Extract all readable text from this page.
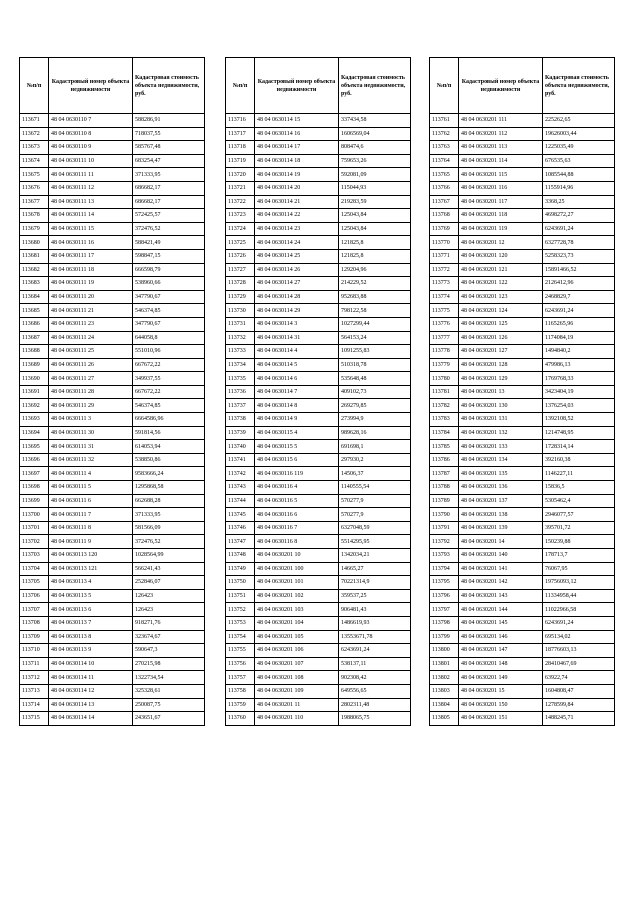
№п/п	Кадастровый номер объекта недвижимости	Кадастровая стоимость объекта недвижимости, руб.
113671	48 04 0630110 7	588286,91
113672	48 04 0630110 8	718037,55
113673	48 04 0630110 9	585767,48
113674	48 04 0630111 10	683254,47
113675	48 04 0630111 11	371333,95
113676	48 04 0630111 12	686682,17
113677	48 04 0630111 13	686682,17
113678	48 04 0630111 14	572425,57
113679	48 04 0630111 15	372476,52
113680	48 04 0630111 16	588421,49
113681	48 04 0630111 17	598847,15
113682	48 04 0630111 18	666598,79
113683	48 04 0630111 19	538960,66
113684	48 04 0630111 20	347790,67
113685	48 04 0630111 21	546374,85
113686	48 04 0630111 23	347790,67
113687	48 04 0630111 24	644058,8
113688	48 04 0630111 25	551010,96
113689	48 04 0630111 26	667672,22
113690	48 04 0630111 27	349937,55
113691	48 04 0630111 28	667672,22
113692	48 04 0630111 29	546374,85
113693	48 04 0630111 3	6664586,96
113694	48 04 0630111 30	591814,56
113695	48 04 0630111 31	614053,94
113696	48 04 0630111 32	538850,86
113697	48 04 0630111 4	9583666,24
113698	48 04 0630111 5	1295868,58
113699	48 04 0630111 6	662688,28
113700	48 04 0630111 7	371333,95
113701	48 04 0630111 8	581566,09
113702	48 04 0630111 9	372476,52
113703	48 04 0630113 120	1028564,99
113704	48 04 0630113 121	566241,43
113705	48 04 0630113 4	252846,07
113706	48 04 0630113 5	126423
113707	48 04 0630113 6	126423
113708	48 04 0630113 7	918271,76
113709	48 04 0630113 8	323674,67
113710	48 04 0630113 9	590647,3
113711	48 04 0630114 10	270215,98
113712	48 04 0630114 11	1322734,54
113713	48 04 0630114 12	325328,61
113714	48 04 0630114 13	250087,75
113715	48 04 0630114 14	243651,67
№п/п	Кадастровый номер объекта недвижимости	Кадастровая стоимость объекта недвижимости, руб.
113716	48 04 0630114 15	337434,58
113717	48 04 0630114 16	1606569,04
113718	48 04 0630114 17	808474,6
113719	48 04 0630114 18	759653,26
113720	48 04 0630114 19	592081,09
113721	48 04 0630114 20	115044,93
113722	48 04 0630114 21	219283,59
113723	48 04 0630114 22	125043,84
113724	48 04 0630114 23	125043,84
113725	48 04 0630114 24	121825,8
113726	48 04 0630114 25	121825,8
113727	48 04 0630114 26	129204,96
113728	48 04 0630114 27	214229,52
113729	48 04 0630114 28	952683,88
113730	48 04 0630114 29	798122,58
113731	48 04 0630114 3	1027299,44
113732	48 04 0630114 31	564153,24
113733	48 04 0630114 4	1091255,83
113734	48 04 0630114 5	510318,78
113735	48 04 0630114 6	535648,48
113736	48 04 0630114 7	409102,73
113737	48 04 0630114 8	269279,85
113738	48 04 0630114 9	273994,9
113739	48 04 0630115 4	989628,16
113740	48 04 0630115 5	691698,1
113741	48 04 0630115 6	297930,2
113742	48 04 0630116 119	14506,37
113743	48 04 0630116 4	1140555,54
113744	48 04 0630116 5	570277,9
113745	48 04 0630116 6	570277,9
113746	48 04 0630116 7	6327048,59
113747	48 04 0630116 8	5514295,95
113748	48 04 0630201 10	1342034,21
113749	48 04 0630201 100	14665,27
113750	48 04 0630201 101	70221314,9
113751	48 04 0630201 102	359537,25
113752	48 04 0630201 103	906481,43
113753	48 04 0630201 104	1486619,93
113754	48 04 0630201 105	13553671,78
113755	48 04 0630201 106	6243691,24
113756	48 04 0630201 107	538137,11
113757	48 04 0630201 108	902308,42
113758	48 04 0630201 109	649556,65
113759	48 04 0630201 11	2802311,48
113760	48 04 0630201 110	1988065,75
№п/п	Кадастровый номер объекта недвижимости	Кадастровая стоимость объекта недвижимости, руб.
113761	48 04 0630201 111	225262,65
113762	48 04 0630201 112	19626003,44
113763	48 04 0630201 113	1225035,49
113764	48 04 0630201 114	676535,63
113765	48 04 0630201 115	1085544,88
113766	48 04 0630201 116	1155914,96
113767	48 04 0630201 117	3368,25
113768	48 04 0630201 118	4698272,27
113769	48 04 0630201 119	6243691,24
113770	48 04 0630201 12	6327728,78
113771	48 04 0630201 120	5258323,73
113772	48 04 0630201 121	15891466,52
113773	48 04 0630201 122	2126412,96
113774	48 04 0630201 123	2468829,7
113775	48 04 0630201 124	6243691,24
113776	48 04 0630201 125	1165265,96
113777	48 04 0630201 126	1174084,19
113778	48 04 0630201 127	1494840,2
113779	48 04 0630201 128	479986,13
113780	48 04 0630201 129	1769768,33
113781	48 04 0630201 13	3423404,19
113782	48 04 0630201 130	1376254,03
113783	48 04 0630201 131	1392108,52
113784	48 04 0630201 132	1214748,95
113785	48 04 0630201 133	1728314,14
113786	48 04 0630201 134	392160,38
113787	48 04 0630201 135	1146227,11
113788	48 04 0630201 136	15836,5
113789	48 04 0630201 137	5305462,4
113790	48 04 0630201 138	2946077,57
113791	48 04 0630201 139	395701,72
113792	48 04 0630201 14	150239,88
113793	48 04 0630201 140	178713,7
113794	48 04 0630201 141	76067,95
113795	48 04 0630201 142	19756093,12
113796	48 04 0630201 143	11334958,44
113797	48 04 0630201 144	11022966,58
113798	48 04 0630201 145	6243691,24
113799	48 04 0630201 146	695134,02
113800	48 04 0630201 147	18776603,13
113801	48 04 0630201 148	28410467,69
113802	48 04 0630201 149	63922,74
113803	48 04 0630201 15	1604808,47
113804	48 04 0630201 150	1278599,84
113805	48 04 0630201 151	1488245,71
